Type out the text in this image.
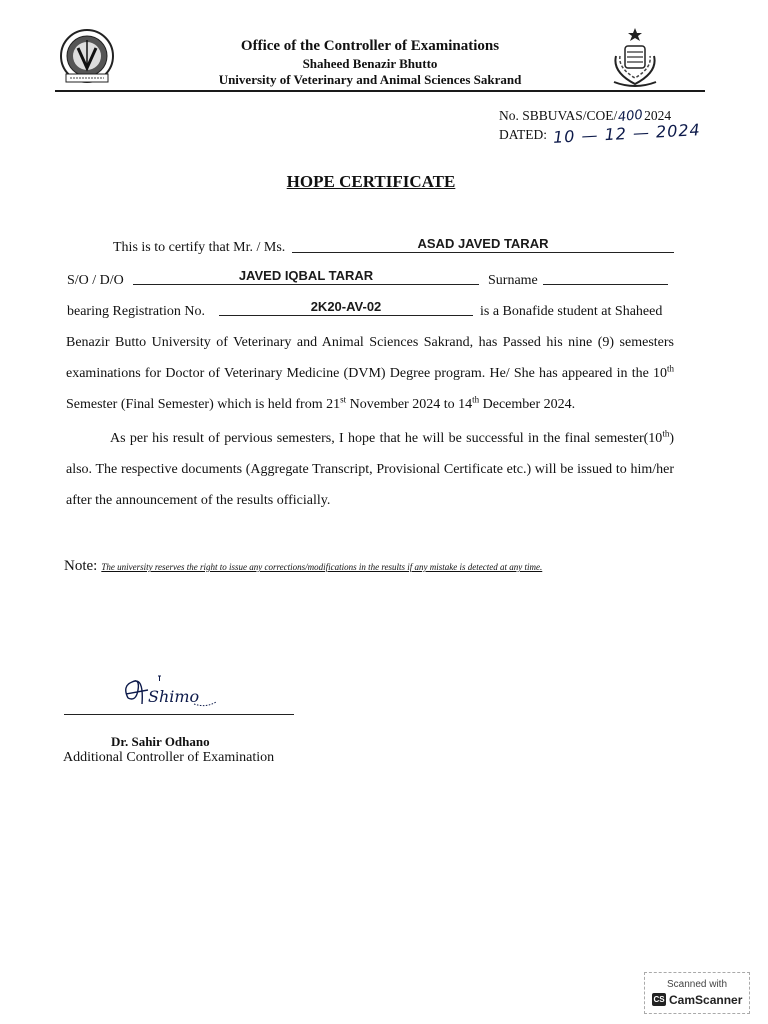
Office of the Controller of Examinations
Shaheed Benazir Bhutto
University of Veterinary and Animal Sciences Sakrand
No. SBBUVAS/COE/4002024
DATED: 10 — 12 — 2024
HOPE CERTIFICATE
This is to certify that Mr. / Ms.	ASAD JAVED TARAR
S/O / D/O	JAVED IQBAL TARAR	Surname
bearing Registration No.	2K20-AV-02	is a Bonafide student at Shaheed
Benazir Butto University of Veterinary and Animal Sciences Sakrand, has Passed his nine (9) semesters examinations for Doctor of Veterinary Medicine (DVM) Degree program. He/ She has appeared in the 10th Semester (Final Semester) which is held from 21st November 2024 to 14th December 2024.
As per his result of pervious semesters, I hope that he will be successful in the final semester(10th) also. The respective documents (Aggregate Transcript, Provisional Certificate etc.) will be issued to him/her after the announcement of the results officially.
Note: The university reserves the right to issue any corrections/modifications in the results if any mistake is detected at any time.
Shimo
Dr. Sahir Odhano
Additional Controller of Examination
Scanned with
CS CamScanner
